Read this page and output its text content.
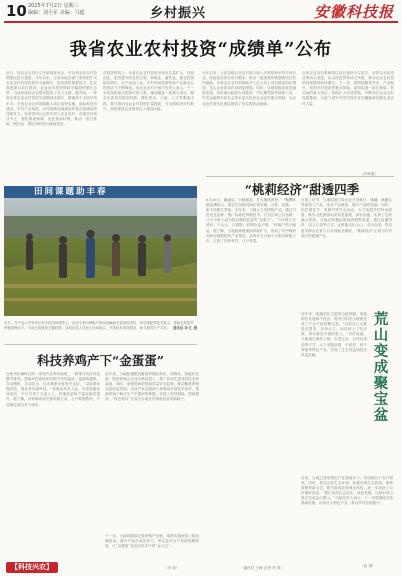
10 2025年7月2日 星期三
编辑：刘小军 美编：马蕴	乡村振兴	安徽科技报
我省农业农村投资“成绩单”公布
近日，省农业农村厅召开新闻发布会，对全省农业农村投资情况进行通报。今年以来，全省各地各部门坚持把扩大农业农村有效投资作为稳增长、促发展的重要抓手，扎实推进重大项目建设，农业农村投资保持平稳较快增长态势，为加快建设农业强省提供了有力支撑。据介绍，一季度全省农业农村投资完成额同比增长，增速高于全国平均水平。全省农业农村领域重大项目加快实施，高标准农田建设、乡村产业发展、农村基础设施建设等重点领域投资持续发力，有效带动社会资本投入农业农村。各地坚持项目为王，强化要素保障，优化营商环境，推动一批打基础、利长远、增后劲的项目落地见效。
在投资结构上，全省农业农村投资呈现出总量扩大、结构优化、质效提升的良好态势。种植业、畜牧业、渔业投资稳步增长，农产品加工业、乡村休闲旅游等新产业新业态投资活力不断释放。省农业农村厅相关负责人表示，下一步将持续加大招商引资力度，谋划储备一批重大项目，健全完善项目推进机制，强化资金、土地、人才等要素支撑，着力推动农业农村投资扩量提质，为全面推进乡村振兴、加快建设农业强省注入强劲动能。
今年以来，全省各级农业农村部门深入开展招商引资专项行动，持续优化涉农项目服务，推动一批延链补链强链项目签约落地。全省农业农村领域新开工亿元以上项目数量同比增加，龙头企业带动作用明显增强。同时，各地积极拓宽投融资渠道，用好地方政府专项债券、中长期贷款等政策工具，引导金融资本和社会资本更多投向农业农村重点领域，为农业农村现代化建设提供了坚实的资金保障。
全省农业农村系统将以项目建设为主抓手，坚持以大抓项目带动大发展，以大抓投资带动大突破，推动农业农村投资持续保持较快增长。下一步，将围绕粮食安全、产业振兴、和美乡村建设等重点领域，谋划实施一批打基础、管长远的重大项目，持续扩大有效投资，不断夯实农业农村发展基础，为奋力谱写中国式现代化安徽篇章贡献农业农村力量。
（许海燕）
田间课题助丰春
近日，在中农大学等单位举办的田间课堂上，农技专家向种粮户现场讲解病虫害绿色防控、科学施肥等技术要点，帮助农民提升种植管理水平。当前正值夏管关键时期，各地农技人员深入田间地头，开展技术指导服务，助力粮食丰产丰收。 通讯员 李 汇 摄
“桃莉经济”甜透四季
6月28日，濉溪县，白桃飘香。在当地桃园里，一颗颗鲜桃挂满枝头，果农们穿梭其间忙着采摘、分拣、装箱，一派丰收繁忙景象。近年来，当地大力发展桃产业，通过引进优良品种、推广标准化种植技术、打造区域公共品牌，让小小桃子成为群众增收致富的“金果子”。“今年桃子长势好，个头大、口感甜，收购价也不错。”种植户高兴地说。据了解，当地桃种植面积持续扩大，形成了早中晚熟品种合理搭配的产业格局，从每年五月到十月都有鲜桃上市，实现了四季有景、月月有果。
在加工环节，当地积极引导企业开发桃汁、桃脯、桃罐头等深加工产品，延长产业链条，提升产品附加值。同时，依托桃花节、采摘节等节会活动，大力发展乡村休闲旅游，吸引大批游客前来赏花摘果、体验农趣，实现了农旅融合发展。当地还积极拓展电商销售渠道，通过直播带货、线上订单等方式，让鲜桃走出大山、走向全国，带动更多群众在家门口实现就业增收，“桃莉经济”正成为乡村振兴的甜蜜产业。
科技养鸡产下“金蛋蛋”
在宿州市埇桥区的一家现代化养鸡场里，一排排自动化鸡笼整齐排列，智能环控系统实时调节舍内温度、湿度和通风，自动喂料、自动饮水、自动集蛋设备有序运转。“以前养鸡靠经验，现在养鸡靠科技。”养殖场负责人说，引进智能化设备后，不仅节省了大量人工，鸡蛋品质和产量也明显提升。据了解，该养殖场存栏蛋鸡数万羽，日产鲜蛋数吨，产品销往周边多个城市。
近年来，当地积极推进畜禽养殖标准化、规模化、智能化发展，鼓励养殖企业加大科技投入，推广应用先进适用技术和装备。同时，加强疫病防控和质量安全监管，推动畜禽养殖业高质量发展。农技专家定期深入养殖场开展技术指导，帮助养殖户解决生产中遇到的难题，实现了科技赋能、提质增效。“科技养鸡”正成为当地农民增收致富的新路子。
下一步，当地将继续完善养殖产业链，推进鸡蛋深加工和品牌建设，提升产品市场竞争力，带动更多农户发展规模养殖，让“金蛋蛋”变成农民手中的“金元宝”。
（李 莉）
【科技兴农】
荒山变成聚宝盆
近年来，某地依托丰富的山地资源，因地制宜发展林下经济，将昔日的荒山坡地变成了产业兴旺的聚宝盆。“以前这片山都是荒着的，杂草丛生，现在种上了经济林，每年都有不错的收入。”村民说道。当地通过流转土地、引进企业、合作社带动等方式，大力发展油茶、中药材、林下养殖等特色产业，实现了生态效益和经济效益双赢。
目前，当地已建成特色产业基地多个，带动数百户农户增收。同时，依托良好生态环境，积极发展生态旅游、康养度假等新业态，吸引游客前来观光体验，进一步拓宽了农民增收渠道。“我们坚持生态优先、绿色发展，让绿水青山真正变成金山银山。”当地负责人表示，下一步将继续完善基础设施，培育壮大特色产业，推动乡村全面振兴。
（张 勇）
（通讯员 王海 记者 李 燕）
